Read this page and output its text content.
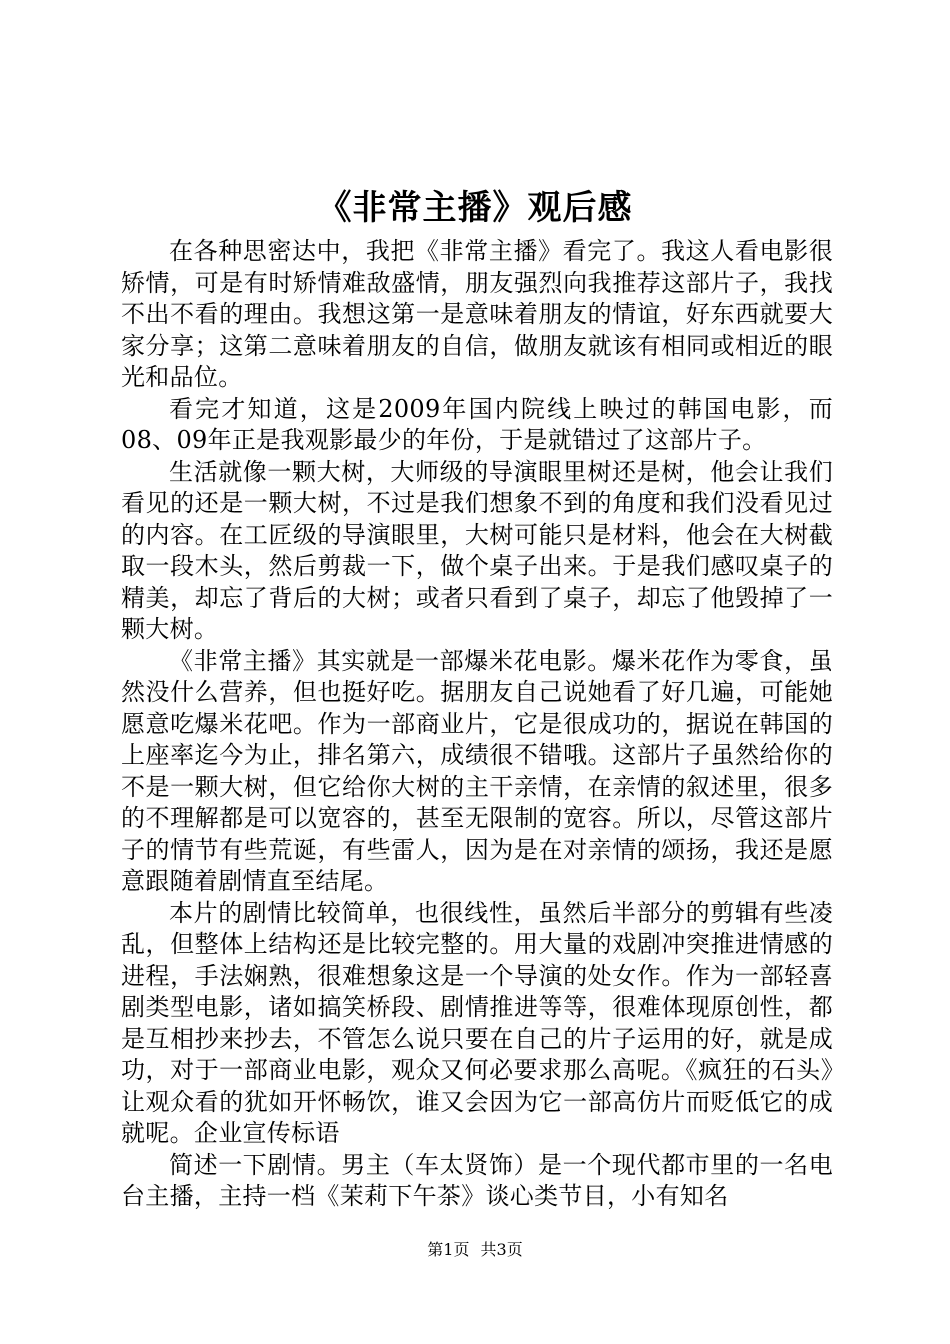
《非常主播》观后感

在各种思密达中，我把《非常主播》看完了。我这人看电影很矫情，可是有时矫情难敌盛情，朋友强烈向我推荐这部片子，我找不出不看的理由。我想这第一是意味着朋友的情谊，好东西就要大家分享；这第二意味着朋友的自信，做朋友就该有相同或相近的眼光和品位。

看完才知道，这是2009年国内院线上映过的韩国电影，而08、09年正是我观影最少的年份，于是就错过了这部片子。

生活就像一颗大树，大师级的导演眼里树还是树，他会让我们看见的还是一颗大树，不过是我们想象不到的角度和我们没看见过的内容。在工匠级的导演眼里，大树可能只是材料，他会在大树截取一段木头，然后剪裁一下，做个桌子出来。于是我们感叹桌子的精美，却忘了背后的大树；或者只看到了桌子，却忘了他毁掉了一颗大树。

《非常主播》其实就是一部爆米花电影。爆米花作为零食，虽然没什么营养，但也挺好吃。据朋友自己说她看了好几遍，可能她愿意吃爆米花吧。作为一部商业片，它是很成功的，据说在韩国的上座率迄今为止，排名第六，成绩很不错哦。这部片子虽然给你的不是一颗大树，但它给你大树的主干亲情，在亲情的叙述里，很多的不理解都是可以宽容的，甚至无限制的宽容。所以，尽管这部片子的情节有些荒诞，有些雷人，因为是在对亲情的颂扬，我还是愿意跟随着剧情直至结尾。

本片的剧情比较简单，也很线性，虽然后半部分的剪辑有些凌乱，但整体上结构还是比较完整的。用大量的戏剧冲突推进情感的进程，手法娴熟，很难想象这是一个导演的处女作。作为一部轻喜剧类型电影，诸如搞笑桥段、剧情推进等等，很难体现原创性，都是互相抄来抄去，不管怎么说只要在自己的片子运用的好，就是成功，对于一部商业电影，观众又何必要求那么高呢。《疯狂的石头》让观众看的犹如开怀畅饮，谁又会因为它一部高仿片而贬低它的成就呢。企业宣传标语

简述一下剧情。男主（车太贤饰）是一个现代都市里的一名电台主播，主持一档《茉莉下午茶》谈心类节目，小有知名

第1页 共3页
